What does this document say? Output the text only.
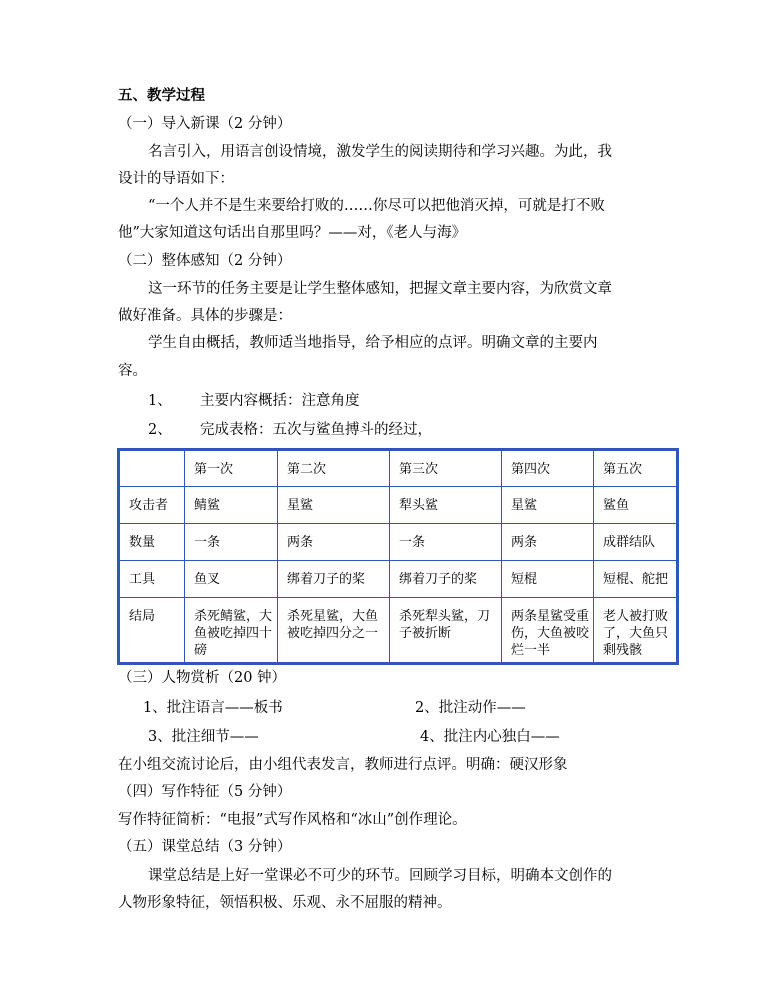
五、教学过程
（一）导入新课（2 分钟）
名言引入，用语言创设情境，激发学生的阅读期待和学习兴趣。为此，我
设计的导语如下：
“一个人并不是生来要给打败的……你尽可以把他消灭掉，可就是打不败
他”大家知道这句话出自那里吗？——对，《老人与海》
（二）整体感知（2 分钟）
这一环节的任务主要是让学生整体感知，把握文章主要内容，为欣赏文章
做好准备。具体的步骤是：
学生自由概括，教师适当地指导，给予相应的点评。明确文章的主要内
容。
1、 主要内容概括：注意角度
2、 完成表格：五次与鲨鱼搏斗的经过，

	第一次	第二次	第三次	第四次	第五次

攻击者	鲭鲨	星鲨	犁头鲨	星鲨	鲨鱼

数量	一条	两条	一条	两条	成群结队

工具	鱼叉	绑着刀子的桨	绑着刀子的桨	短棍	短棍、舵把

结局	杀死鲭鲨，大鱼被吃掉四十磅	杀死星鲨，大鱼被吃掉四分之一	杀死犁头鲨，刀子被折断	两条星鲨受重伤，大鱼被咬烂一半	老人被打败了，大鱼只剩残骸
（三）人物赏析（20 钟）
1、批注语言——板书	2、批注动作——
3、批注细节——	4、批注内心独白——
在小组交流讨论后，由小组代表发言，教师进行点评。明确：硬汉形象
（四）写作特征（5 分钟）
写作特征简析：“电报”式写作风格和“冰山”创作理论。
（五）课堂总结（3 分钟）
课堂总结是上好一堂课必不可少的环节。回顾学习目标，明确本文创作的
人物形象特征，领悟积极、乐观、永不屈服的精神。
